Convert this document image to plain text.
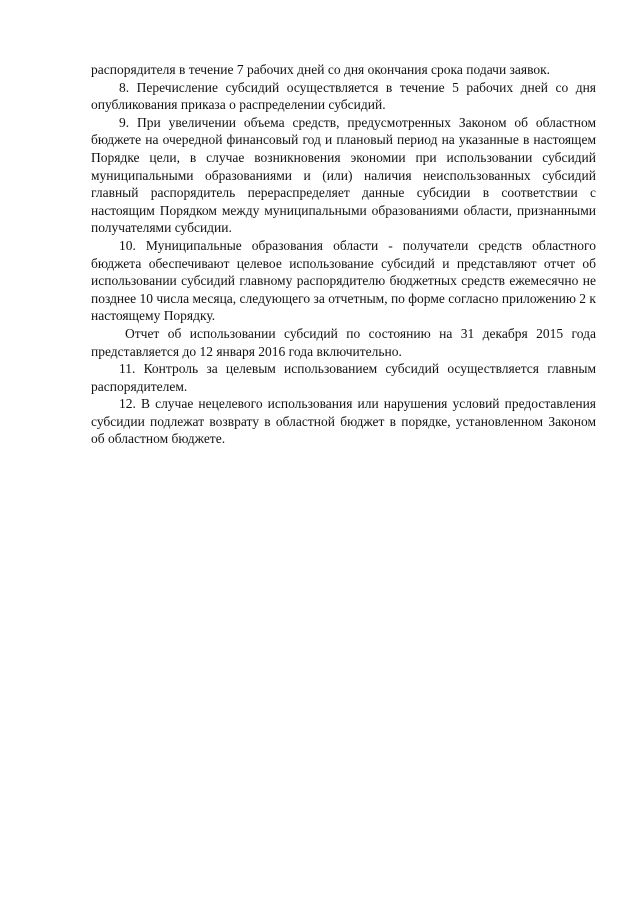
распорядителя в течение 7 рабочих дней со дня окончания срока подачи заявок.

8. Перечисление субсидий осуществляется в течение 5 рабочих дней со дня опубликования приказа о распределении субсидий.

9. При увеличении объема средств, предусмотренных Законом об областном бюджете на очередной финансовый год и плановый период на указанные в настоящем Порядке цели, в случае возникновения экономии при использовании субсидий муниципальными образованиями и (или) наличия неиспользованных субсидий главный распорядитель перераспределяет данные субсидии в соответствии с настоящим Порядком между муниципальными образованиями области, признанными получателями субсидии.

10. Муниципальные образования области - получатели средств областного бюджета обеспечивают целевое использование субсидий и представляют отчет об использовании субсидий главному распорядителю бюджетных средств ежемесячно не позднее 10 числа месяца, следующего за отчетным, по форме согласно приложению 2 к настоящему Порядку.

Отчет об использовании субсидий по состоянию на 31 декабря 2015 года представляется до 12 января 2016 года включительно.

11. Контроль за целевым использованием субсидий осуществляется главным распорядителем.

12. В случае нецелевого использования или нарушения условий предоставления субсидии подлежат возврату в областной бюджет в порядке, установленном Законом об областном бюджете.
